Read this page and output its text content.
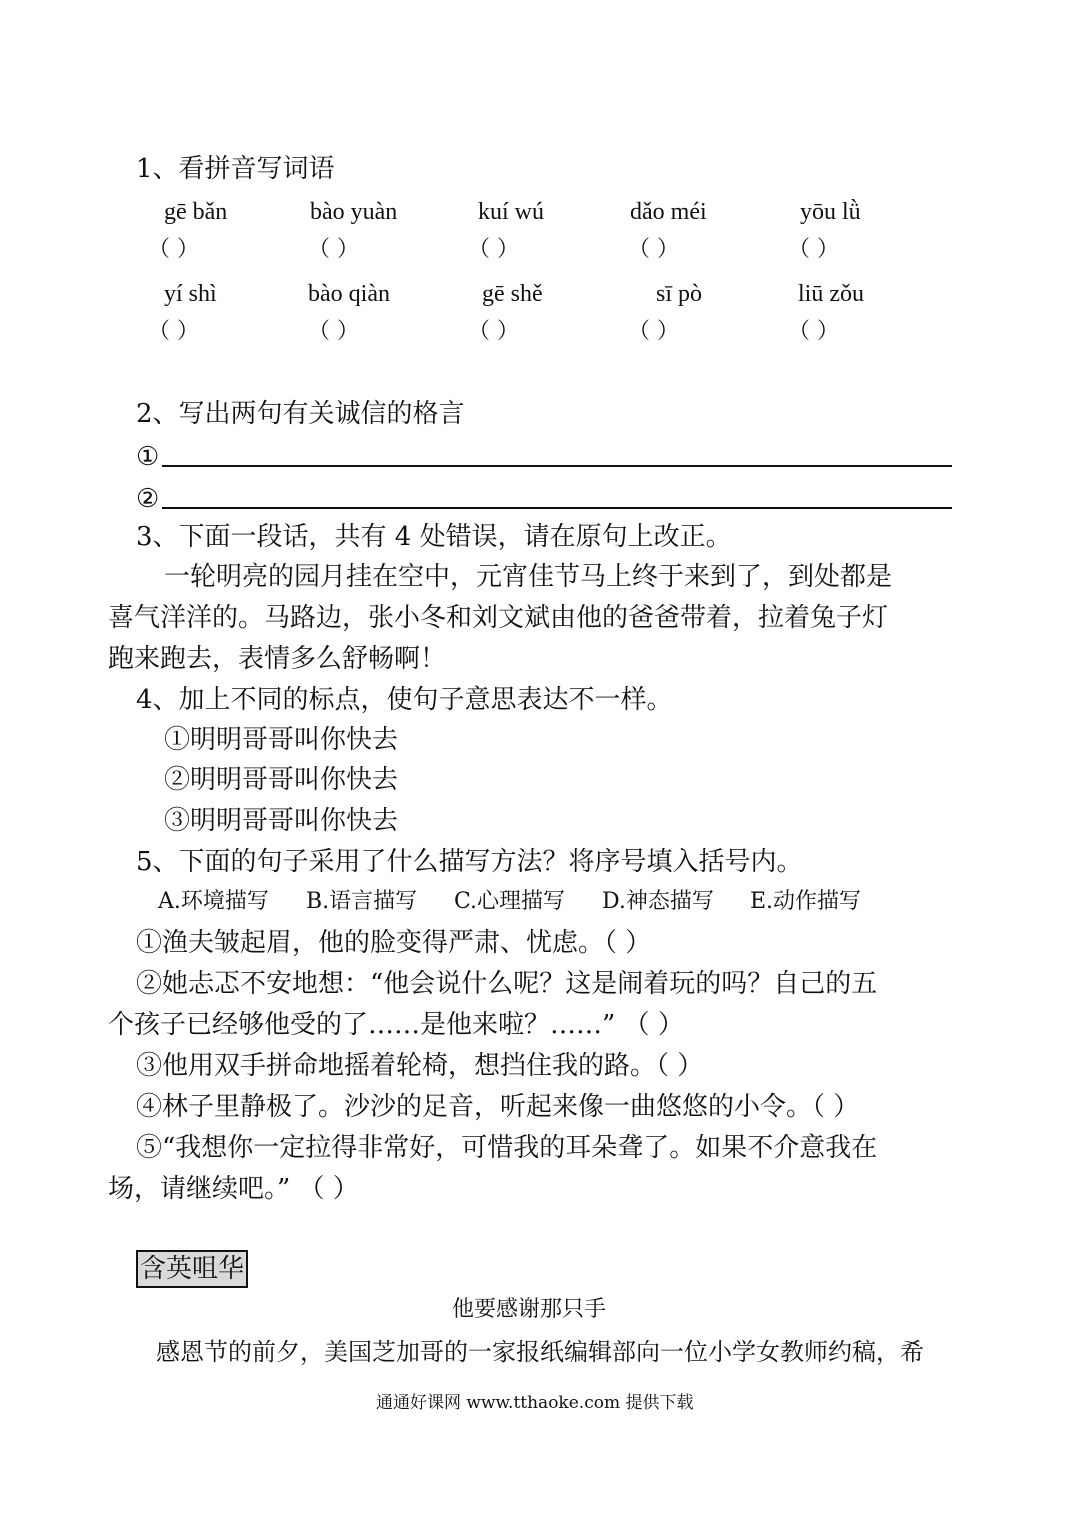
1、看拼音写词语
gē bǎn	bào yuàn	kuí wú	dǎo méi	yōu lǜ
（ ）	（ ）	（ ）	（ ）	（ ）
yí shì	bào qiàn	gē shě	sī pò	liū zǒu
（ ）	（ ）	（ ）	（ ）	（ ）
2、写出两句有关诚信的格言
①
②
3、下面一段话，共有 4 处错误，请在原句上改正。
一轮明亮的园月挂在空中，元宵佳节马上终于来到了，到处都是
喜气洋洋的。马路边，张小冬和刘文斌由他的爸爸带着，拉着兔子灯
跑来跑去，表情多么舒畅啊！
4、加上不同的标点，使句子意思表达不一样。
①明明哥哥叫你快去
②明明哥哥叫你快去
③明明哥哥叫你快去
5、下面的句子采用了什么描写方法？将序号填入括号内。
A.环境描写 B.语言描写 C.心理描写 D.神态描写 E.动作描写
①渔夫皱起眉，他的脸变得严肃、忧虑。（ ）
②她忐忑不安地想：“他会说什么呢？这是闹着玩的吗？自己的五
个孩子已经够他受的了……是他来啦？……” （ ）
③他用双手拼命地摇着轮椅，想挡住我的路。（ ）
④林子里静极了。沙沙的足音，听起来像一曲悠悠的小令。（ ）
⑤“我想你一定拉得非常好，可惜我的耳朵聋了。如果不介意我在
场，请继续吧。” （ ）
含英咀华
他要感谢那只手
感恩节的前夕，美国芝加哥的一家报纸编辑部向一位小学女教师约稿，希
通通好课网 www.tthaoke.com 提供下载
